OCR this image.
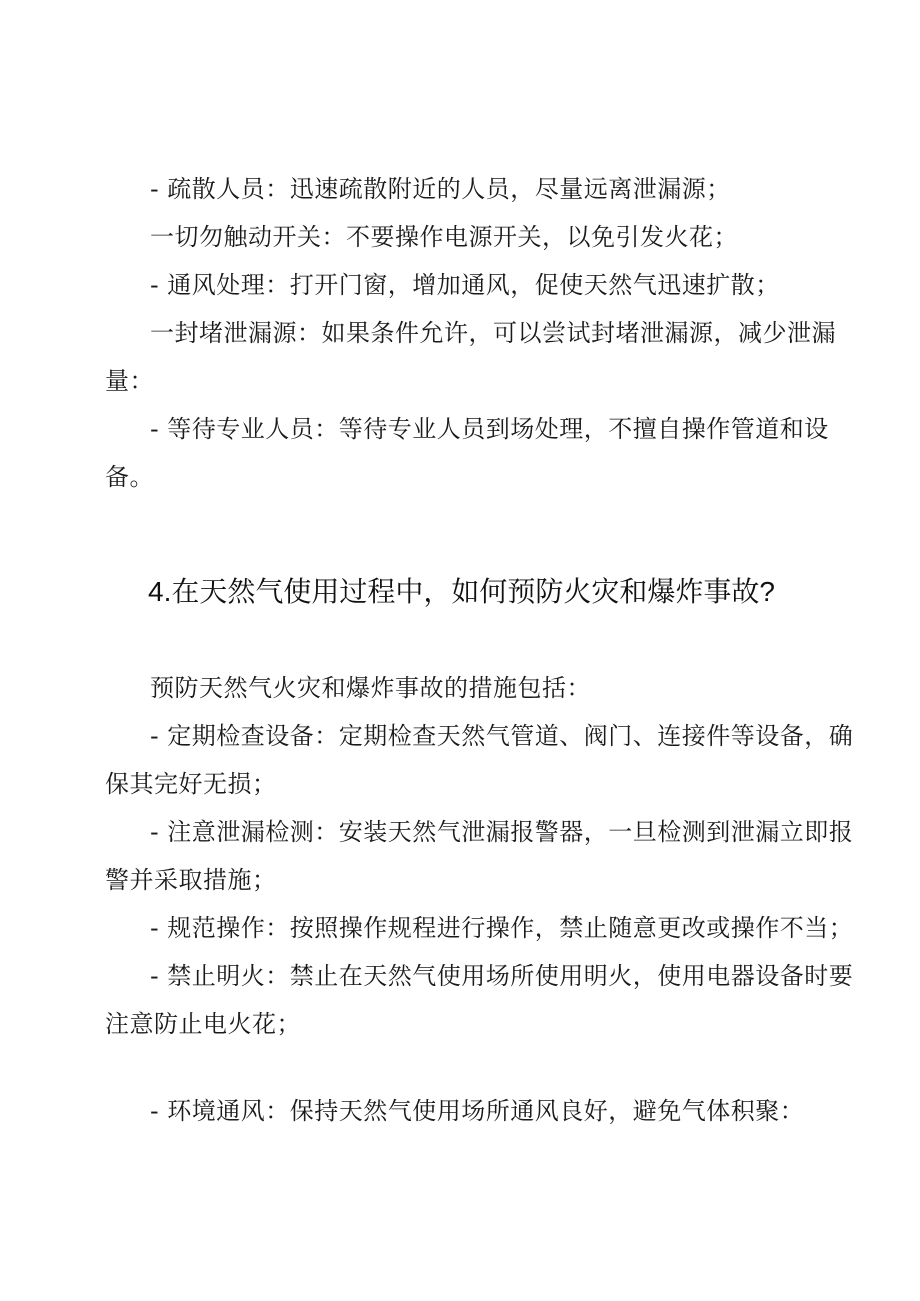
- 疏散人员：迅速疏散附近的人员，尽量远离泄漏源；
一切勿触动开关：不要操作电源开关，以免引发火花；
- 通风处理：打开门窗，增加通风，促使天然气迅速扩散；
一封堵泄漏源：如果条件允许，可以尝试封堵泄漏源，减少泄漏
量：
- 等待专业人员：等待专业人员到场处理，不擅自操作管道和设
备。
4.在天然气使用过程中，如何预防火灾和爆炸事故?
预防天然气火灾和爆炸事故的措施包括：
- 定期检查设备：定期检查天然气管道、阀门、连接件等设备，确
保其完好无损；
- 注意泄漏检测：安装天然气泄漏报警器，一旦检测到泄漏立即报
警并采取措施；
- 规范操作：按照操作规程进行操作，禁止随意更改或操作不当；
- 禁止明火：禁止在天然气使用场所使用明火，使用电器设备时要
注意防止电火花；
- 环境通风：保持天然气使用场所通风良好，避免气体积聚：
